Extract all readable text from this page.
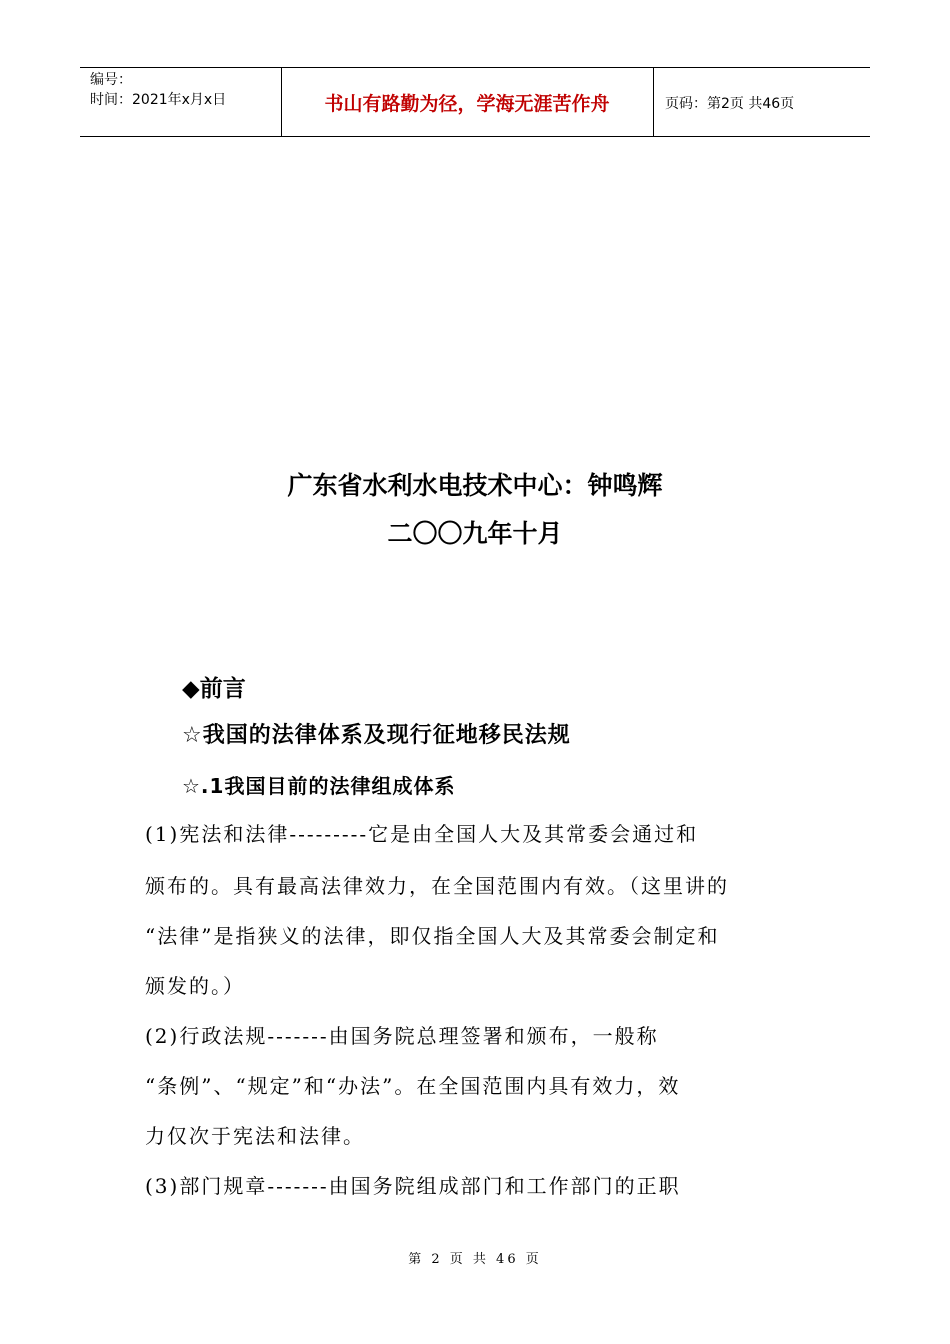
编号：
时间：2021年x月x日	书山有路勤为径，学海无涯苦作舟	页码：第2页 共46页
广东省水利水电技术中心：钟鸣辉
二〇〇九年十月
◆前言
☆我国的法律体系及现行征地移民法规
☆.1我国目前的法律组成体系
(1)宪法和法律---------它是由全国人大及其常委会通过和
颁布的。具有最高法律效力，在全国范围内有效。（这里讲的
“法律”是指狭义的法律，即仅指全国人大及其常委会制定和
颁发的。）
(2)行政法规-------由国务院总理签署和颁布，一般称
“条例”、“规定”和“办法”。在全国范围内具有效力，效
力仅次于宪法和法律。
(3)部门规章-------由国务院组成部门和工作部门的正职
第 2 页 共 46 页
